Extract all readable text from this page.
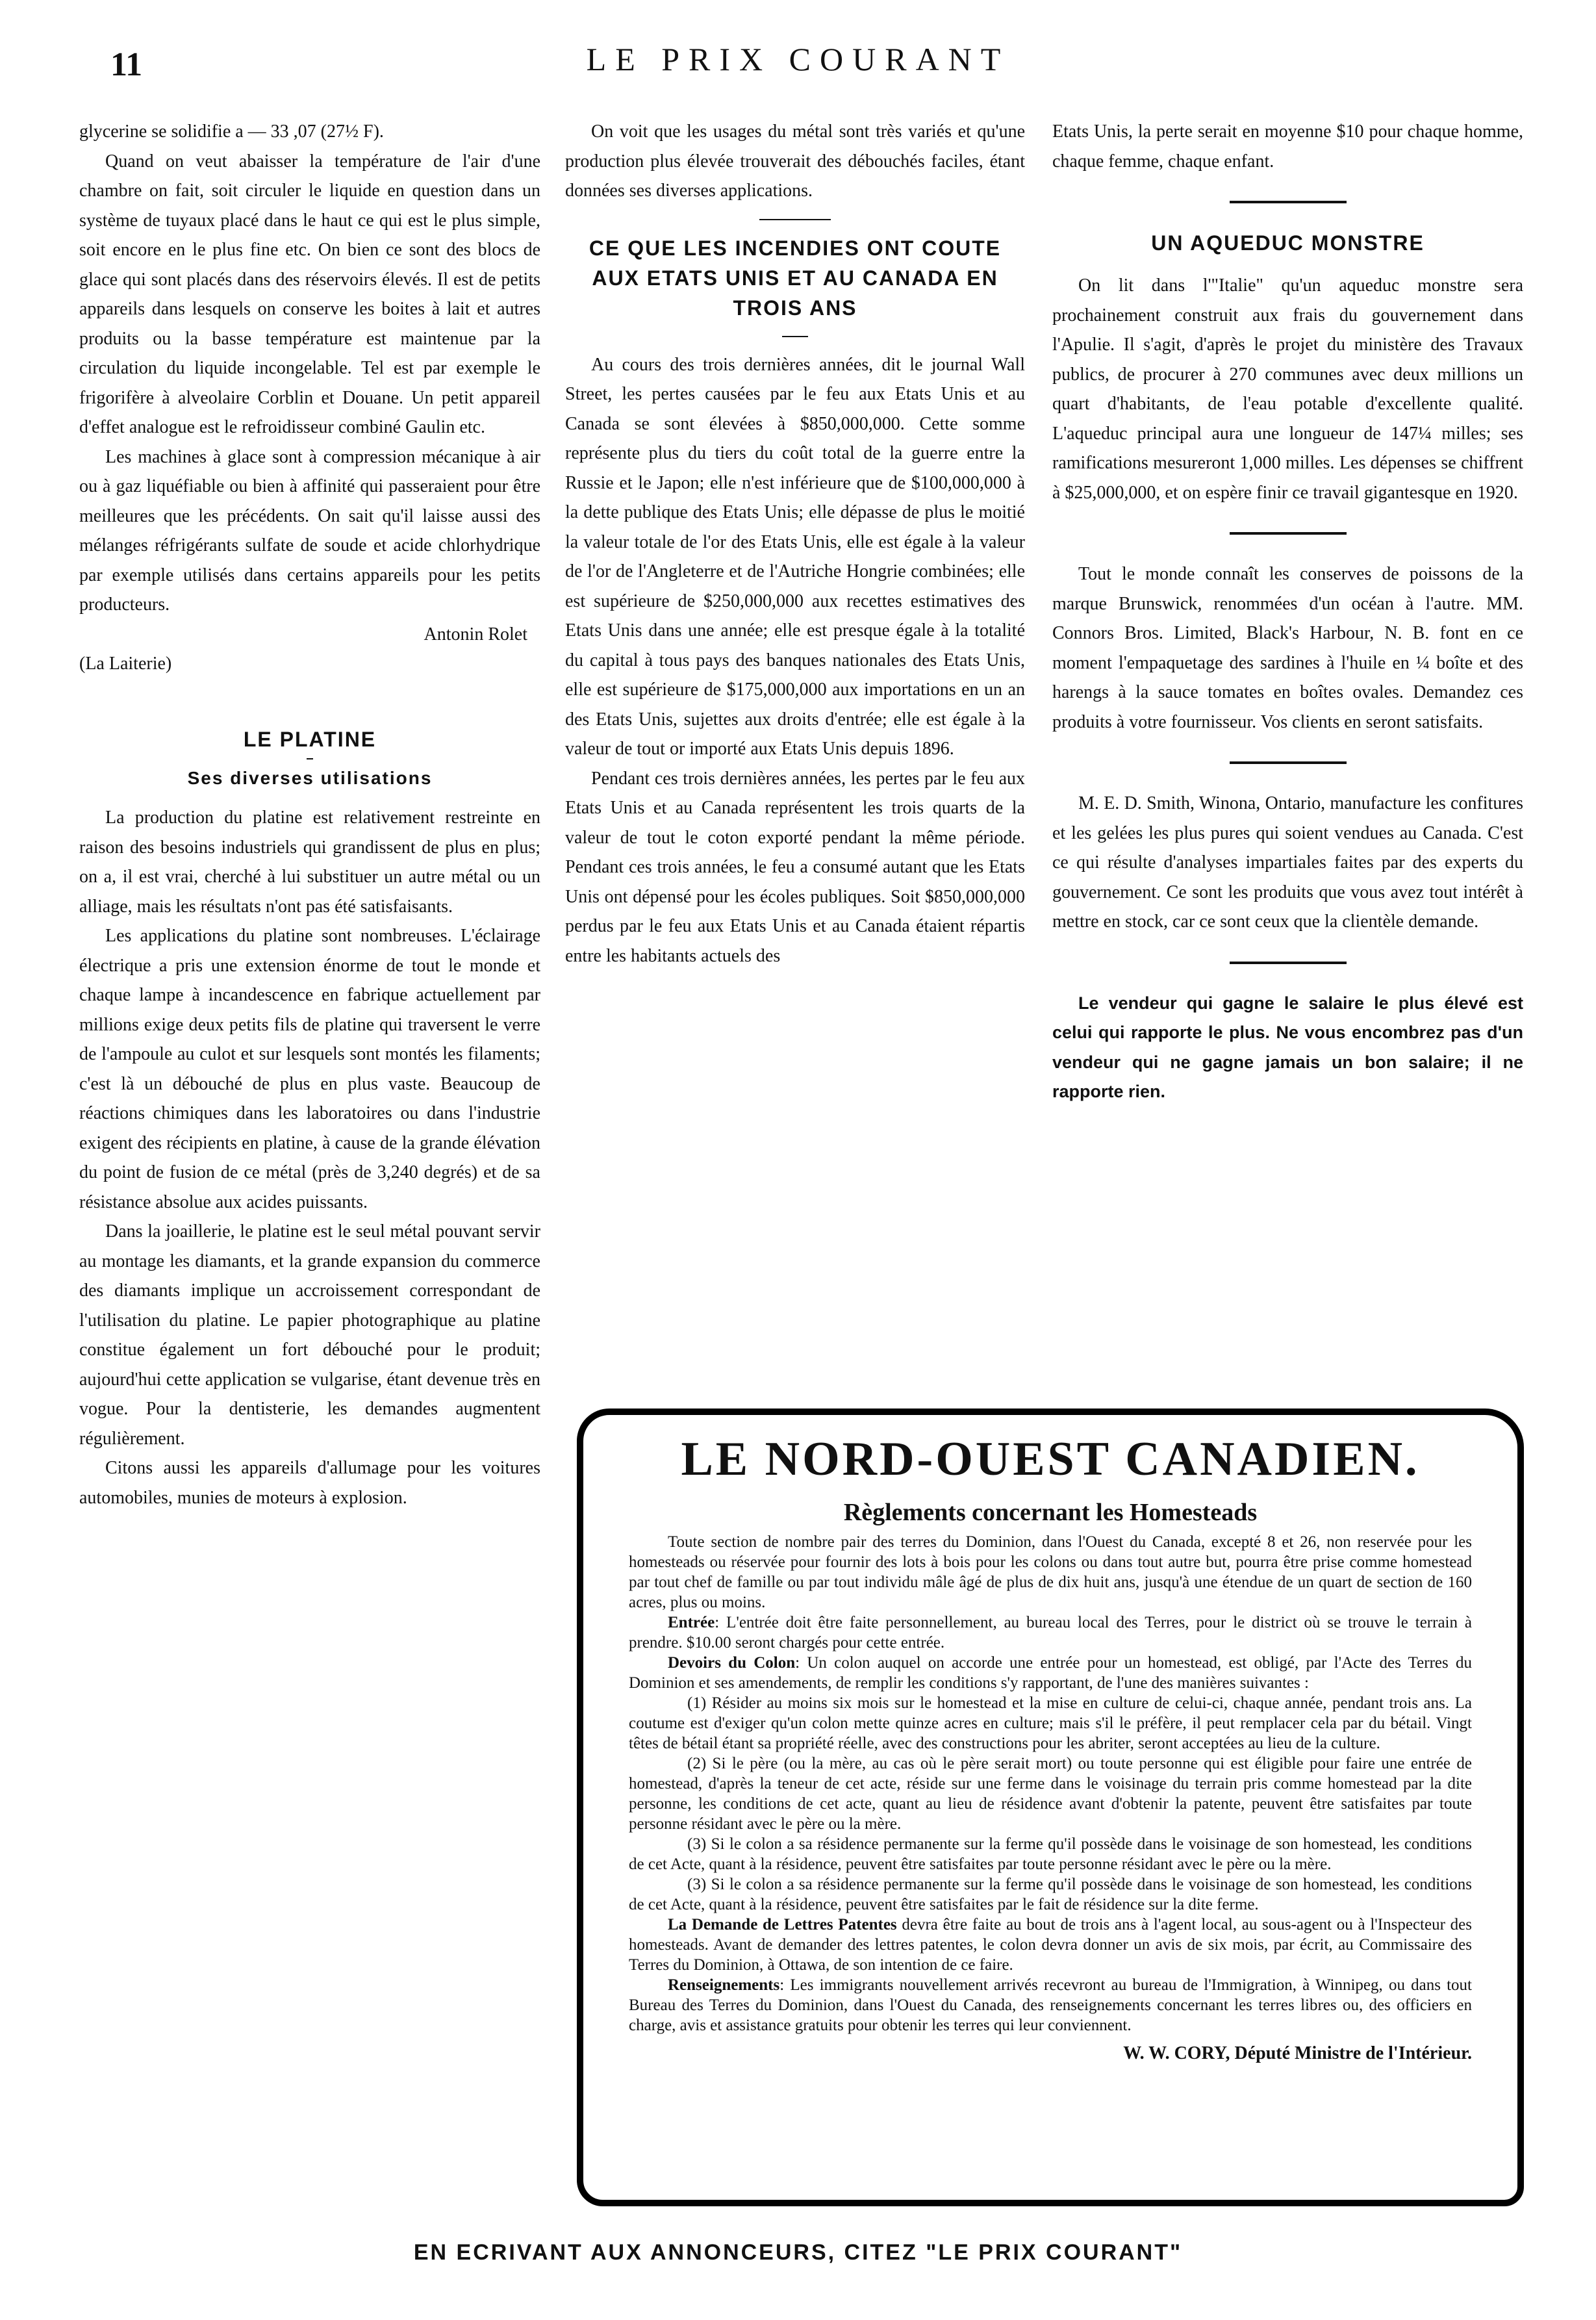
11	LE PRIX COURANT

glycerine se solidifie a — 33 ,07 (27½ F).

Quand on veut abaisser la température de l'air d'une chambre on fait, soit circuler le liquide en question dans un système de tuyaux placé dans le haut ce qui est le plus simple, soit encore en le plus fine etc. On bien ce sont des blocs de glace qui sont placés dans des réservoirs élevés. Il est de petits appareils dans lesquels on conserve les boites à lait et autres produits ou la basse température est maintenue par la circulation du liquide incongelable. Tel est par exemple le frigorifère à alveolaire Corblin et Douane. Un petit appareil d'effet analogue est le refroidisseur combiné Gaulin etc.

Les machines à glace sont à compression mécanique à air ou à gaz liquéfiable ou bien à affinité qui passeraient pour être meilleures que les précédents. On sait qu'il laisse aussi des mélanges réfrigérants sulfate de soude et acide chlorhydrique par exemple utilisés dans certains appareils pour les petits producteurs.

Antonin Rolet

(La Laiterie)

LE PLATINE

Ses diverses utilisations

La production du platine est relativement restreinte en raison des besoins industriels qui grandissent de plus en plus; on a, il est vrai, cherché à lui substituer un autre métal ou un alliage, mais les résultats n'ont pas été satisfaisants.

Les applications du platine sont nombreuses. L'éclairage électrique a pris une extension énorme de tout le monde et chaque lampe à incandescence en fabrique actuellement par millions exige deux petits fils de platine qui traversent le verre de l'ampoule au culot et sur lesquels sont montés les filaments; c'est là un débouché de plus en plus vaste. Beaucoup de réactions chimiques dans les laboratoires ou dans l'industrie exigent des récipients en platine, à cause de la grande élévation du point de fusion de ce métal (près de 3,240 degrés) et de sa résistance absolue aux acides puissants.

Dans la joaillerie, le platine est le seul métal pouvant servir au montage les diamants, et la grande expansion du commerce des diamants implique un accroissement correspondant de l'utilisation du platine. Le papier photographique au platine constitue également un fort débouché pour le produit; aujourd'hui cette application se vulgarise, étant devenue très en vogue. Pour la dentisterie, les demandes augmentent régulièrement.

Citons aussi les appareils d'allumage pour les voitures automobiles, munies de moteurs à explosion.

On voit que les usages du métal sont très variés et qu'une production plus élevée trouverait des débouchés faciles, étant données ses diverses applications.

CE QUE LES INCENDIES ONT COUTE AUX ETATS UNIS ET AU CANADA EN TROIS ANS

Au cours des trois dernières années, dit le journal Wall Street, les pertes causées par le feu aux Etats Unis et au Canada se sont élevées à $850,000,000. Cette somme représente plus du tiers du coût total de la guerre entre la Russie et le Japon; elle n'est inférieure que de $100,000,000 à la dette publique des Etats Unis; elle dépasse de plus le moitié la valeur totale de l'or des Etats Unis, elle est égale à la valeur de l'or de l'Angleterre et de l'Autriche Hongrie combinées; elle est supérieure de $250,000,000 aux recettes estimatives des Etats Unis dans une année; elle est presque égale à la totalité du capital à tous pays des banques nationales des Etats Unis, elle est supérieure de $175,000,000 aux importations en un an des Etats Unis, sujettes aux droits d'entrée; elle est égale à la valeur de tout or importé aux Etats Unis depuis 1896.

Pendant ces trois dernières années, les pertes par le feu aux Etats Unis et au Canada représentent les trois quarts de la valeur de tout le coton exporté pendant la même période. Pendant ces trois années, le feu a consumé autant que les Etats Unis ont dépensé pour les écoles publiques. Soit $850,000,000 perdus par le feu aux Etats Unis et au Canada étaient répartis entre les habitants actuels des

Etats Unis, la perte serait en moyenne $10 pour chaque homme, chaque femme, chaque enfant.

UN AQUEDUC MONSTRE

On lit dans l'"Italie" qu'un aqueduc monstre sera prochainement construit aux frais du gouvernement dans l'Apulie. Il s'agit, d'après le projet du ministère des Travaux publics, de procurer à 270 communes avec deux millions un quart d'habitants, de l'eau potable d'excellente qualité. L'aqueduc principal aura une longueur de 147¼ milles; ses ramifications mesureront 1,000 milles. Les dépenses se chiffrent à $25,000,000, et on espère finir ce travail gigantesque en 1920.

Tout le monde connaît les conserves de poissons de la marque Brunswick, renommées d'un océan à l'autre. MM. Connors Bros. Limited, Black's Harbour, N. B. font en ce moment l'empaquetage des sardines à l'huile en ¼ boîte et des harengs à la sauce tomates en boîtes ovales. Demandez ces produits à votre fournisseur. Vos clients en seront satisfaits.

M. E. D. Smith, Winona, Ontario, manufacture les confitures et les gelées les plus pures qui soient vendues au Canada. C'est ce qui résulte d'analyses impartiales faites par des experts du gouvernement. Ce sont les produits que vous avez tout intérêt à mettre en stock, car ce sont ceux que la clientèle demande.

Le vendeur qui gagne le salaire le plus élevé est celui qui rapporte le plus. Ne vous encombrez pas d'un vendeur qui ne gagne jamais un bon salaire; il ne rapporte rien.

LE NORD-OUEST CANADIEN.
Règlements concernant les Homesteads

Toute section de nombre pair des terres du Dominion, dans l'Ouest du Canada, excepté 8 et 26, non reservée pour les homesteads ou réservée pour fournir des lots à bois pour les colons ou dans tout autre but, pourra être prise comme homestead par tout chef de famille ou par tout individu mâle âgé de plus de dix huit ans, jusqu'à une étendue de un quart de section de 160 acres, plus ou moins.

Entrée: L'entrée doit être faite personnellement, au bureau local des Terres, pour le district où se trouve le terrain à prendre. $10.00 seront chargés pour cette entrée.

Devoirs du Colon: Un colon auquel on accorde une entrée pour un homestead, est obligé, par l'Acte des Terres du Dominion et ses amendements, de remplir les conditions s'y rapportant, de l'une des manières suivantes :

(1) Résider au moins six mois sur le homestead et la mise en culture de celui-ci, chaque année, pendant trois ans. La coutume est d'exiger qu'un colon mette quinze acres en culture; mais s'il le préfère, il peut remplacer cela par du bétail. Vingt têtes de bétail étant sa propriété réelle, avec des constructions pour les abriter, seront acceptées au lieu de la culture.

(2) Si le père (ou la mère, au cas où le père serait mort) ou toute personne qui est éligible pour faire une entrée de homestead, d'après la teneur de cet acte, réside sur une ferme dans le voisinage du terrain pris comme homestead par la dite personne, les conditions de cet acte, quant au lieu de résidence avant d'obtenir la patente, peuvent être satisfaites par toute personne résidant avec le père ou la mère.

(3) Si le colon a sa résidence permanente sur la ferme qu'il possède dans le voisinage de son homestead, les conditions de cet Acte, quant à la résidence, peuvent être satisfaites par toute personne résidant avec le père ou la mère.

(3) Si le colon a sa résidence permanente sur la ferme qu'il possède dans le voisinage de son homestead, les conditions de cet Acte, quant à la résidence, peuvent être satisfaites par le fait de résidence sur la dite ferme.

La Demande de Lettres Patentes devra être faite au bout de trois ans à l'agent local, au sous-agent ou à l'Inspecteur des homesteads. Avant de demander des lettres patentes, le colon devra donner un avis de six mois, par écrit, au Commissaire des Terres du Dominion, à Ottawa, de son intention de ce faire.

Renseignements: Les immigrants nouvellement arrivés recevront au bureau de l'Immigration, à Winnipeg, ou dans tout Bureau des Terres du Dominion, dans l'Ouest du Canada, des renseignements concernant les terres libres ou, des officiers en charge, avis et assistance gratuits pour obtenir les terres qui leur conviennent.

W. W. CORY, Député Ministre de l'Intérieur.
EN ECRIVANT AUX ANNONCEURS, CITEZ "LE PRIX COURANT"
